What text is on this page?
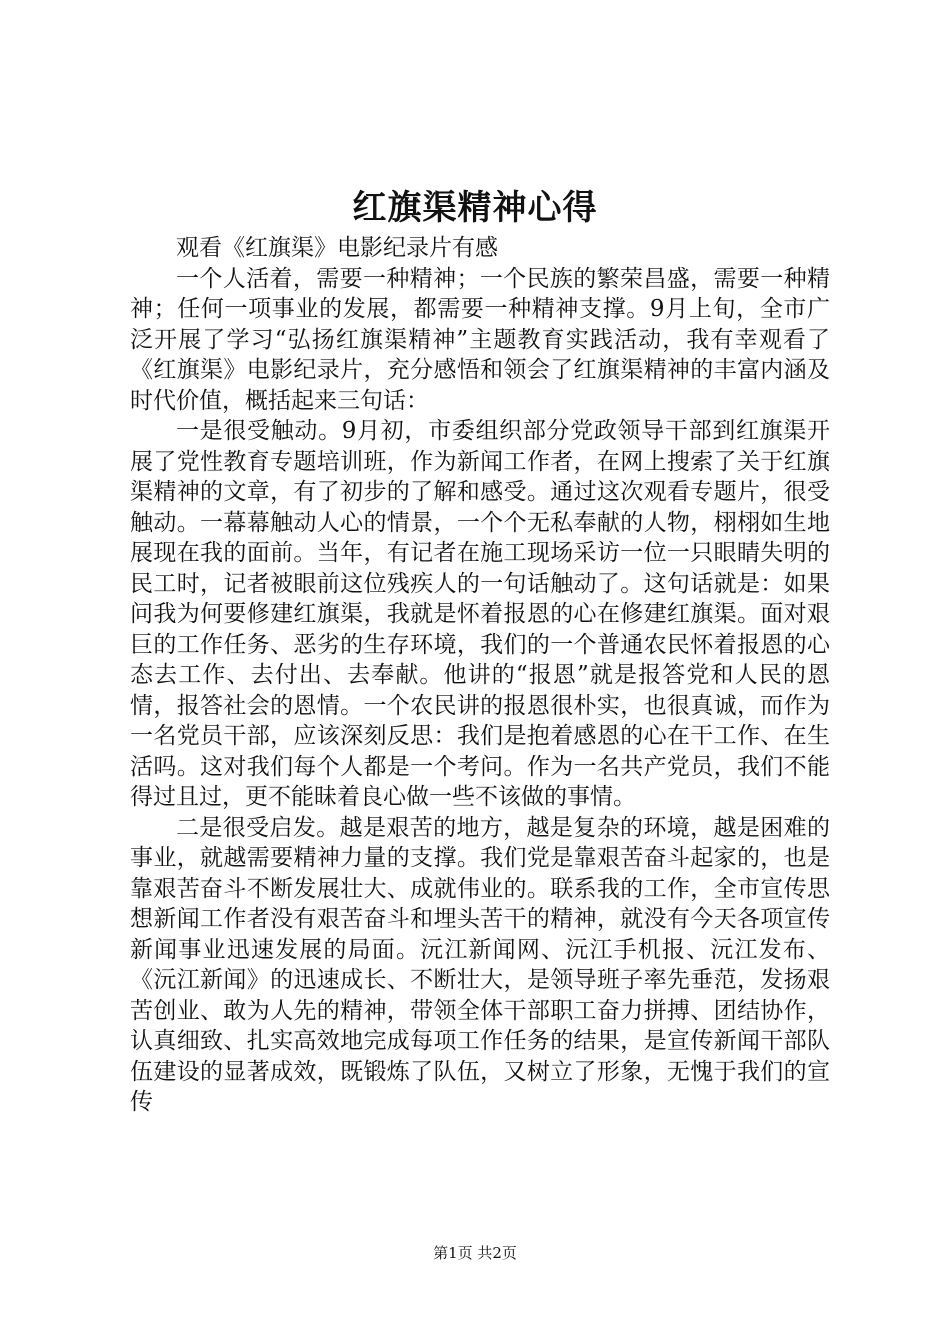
红旗渠精神心得

观看《红旗渠》电影纪录片有感

一个人活着，需要一种精神；一个民族的繁荣昌盛，需要一种精神；任何一项事业的发展，都需要一种精神支撑。9月上旬，全市广泛开展了学习“弘扬红旗渠精神”主题教育实践活动，我有幸观看了《红旗渠》电影纪录片，充分感悟和领会了红旗渠精神的丰富内涵及时代价值，概括起来三句话：

一是很受触动。9月初，市委组织部分党政领导干部到红旗渠开展了党性教育专题培训班，作为新闻工作者，在网上搜索了关于红旗渠精神的文章，有了初步的了解和感受。通过这次观看专题片，很受触动。一幕幕触动人心的情景，一个个无私奉献的人物，栩栩如生地展现在我的面前。当年，有记者在施工现场采访一位一只眼睛失明的民工时，记者被眼前这位残疾人的一句话触动了。这句话就是：如果问我为何要修建红旗渠，我就是怀着报恩的心在修建红旗渠。面对艰巨的工作任务、恶劣的生存环境，我们的一个普通农民怀着报恩的心态去工作、去付出、去奉献。他讲的“报恩”就是报答党和人民的恩情，报答社会的恩情。一个农民讲的报恩很朴实，也很真诚，而作为一名党员干部，应该深刻反思：我们是抱着感恩的心在干工作、在生活吗。这对我们每个人都是一个考问。作为一名共产党员，我们不能得过且过，更不能昧着良心做一些不该做的事情。

二是很受启发。越是艰苦的地方，越是复杂的环境，越是困难的事业，就越需要精神力量的支撑。我们党是靠艰苦奋斗起家的，也是靠艰苦奋斗不断发展壮大、成就伟业的。联系我的工作，全市宣传思想新闻工作者没有艰苦奋斗和埋头苦干的精神，就没有今天各项宣传新闻事业迅速发展的局面。沅江新闻网、沅江手机报、沅江发布、《沅江新闻》的迅速成长、不断壮大，是领导班子率先垂范，发扬艰苦创业、敢为人先的精神，带领全体干部职工奋力拼搏、团结协作，认真细致、扎实高效地完成每项工作任务的结果，是宣传新闻干部队伍建设的显著成效，既锻炼了队伍，又树立了形象，无愧于我们的宣传

第1页 共2页
